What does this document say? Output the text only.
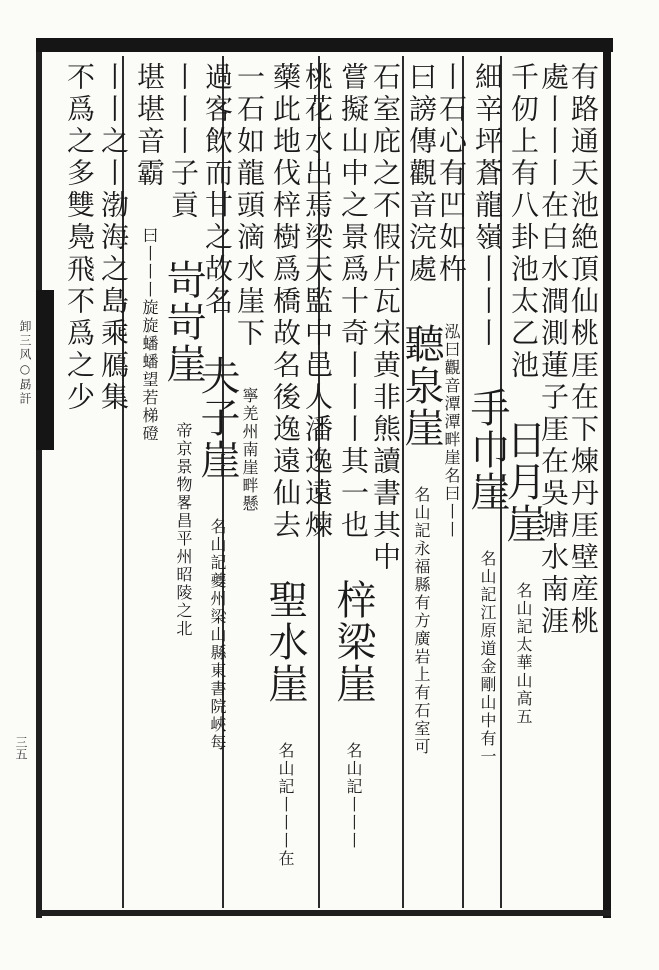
卸三风○勗訐
三五
有路通天池絶頂仙桃厓在下煉丹厓壁産桃
處丨丨丨在白水澗測蓮子厓在吳塘水南涯
千仞上有八卦池太乙池 日月崖 名山記太華山高五
細辛坪蒼龍嶺丨丨丨 手巾崖 名山記江原道金剛山中有一
丨石心有凹如杵 泓曰觀音潭潭畔崖名曰丨丨
曰謗傳觀音浣處 聽泉崖 名山記永福縣有方廣岩上有石室可
石室庇之不假片瓦宋黄非熊讀書其中
嘗擬山中之景爲十奇丨丨丨其一也 梓梁崖 名山記丨丨丨
桃花水出焉梁天監中邑人潘逸遠煉
藥此地伐梓樹爲橋故名後逸遠仙去 聖水崖 名山記丨丨丨在
一石如龍頭滴水崖下 寧羌州南崖畔懸
過客飲而甘之故名 夫子崖 名山記夔州梁山縣東書院峽每
丨丨丨子貢 岢岢崖 帝京景物畧昌平州昭陵之北
堪堪音霸 曰丨丨丨旋旋蟠蟠望若梯磴
丨丨之丨渤海之島乘鴈集
不爲之多雙鳧飛不爲之少
